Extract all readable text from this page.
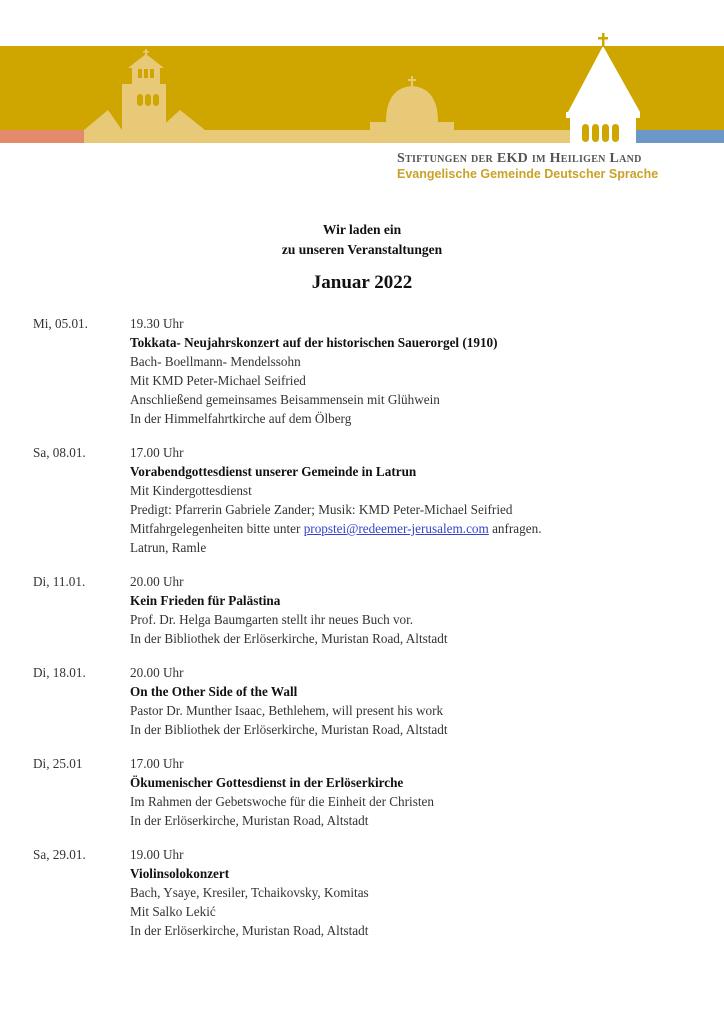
Stiftungen der EKD im Heiligen Land
Evangelische Gemeinde Deutscher Sprache
Wir laden ein
zu unseren Veranstaltungen
Januar 2022
Mi, 05.01.	19.30 Uhr
Tokkata- Neujahrskonzert auf der historischen Sauerorgel (1910)
Bach- Boellmann- Mendelssohn
Mit KMD Peter-Michael Seifried
Anschließend gemeinsames Beisammensein mit Glühwein
In der Himmelfahrtkirche auf dem Ölberg
Sa, 08.01.	17.00 Uhr
Vorabendgottesdienst unserer Gemeinde in Latrun
Mit Kindergottesdienst
Predigt: Pfarrerin Gabriele Zander; Musik: KMD Peter-Michael Seifried
Mitfahrgelegenheiten bitte unter propstei@redeemer-jerusalem.com anfragen.
Latrun, Ramle
Di, 11.01.	20.00 Uhr
Kein Frieden für Palästina
Prof. Dr. Helga Baumgarten stellt ihr neues Buch vor.
In der Bibliothek der Erlöserkirche, Muristan Road, Altstadt
Di, 18.01.	20.00 Uhr
On the Other Side of the Wall
Pastor Dr. Munther Isaac, Bethlehem, will present his work
In der Bibliothek der Erlöserkirche, Muristan Road, Altstadt
Di, 25.01	17.00 Uhr
Ökumenischer Gottesdienst in der Erlöserkirche
Im Rahmen der Gebetswoche für die Einheit der Christen
In der Erlöserkirche, Muristan Road, Altstadt
Sa, 29.01.	19.00 Uhr
Violinsolokonzert
Bach, Ysaye, Kresiler, Tchaikovsky, Komitas
Mit Salko Lekić
In der Erlöserkirche, Muristan Road, Altstadt
